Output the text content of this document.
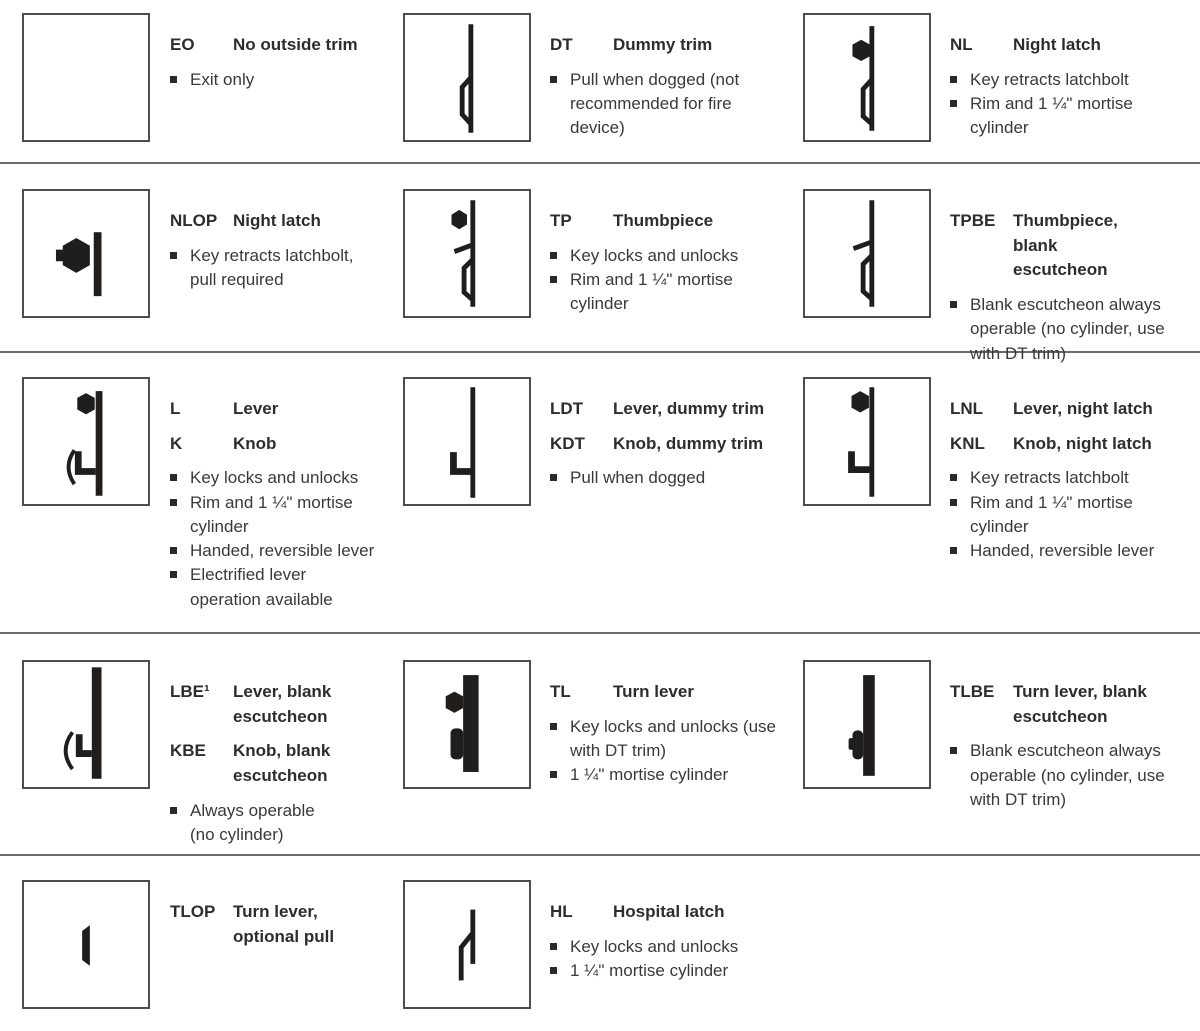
EO	No outside trim
Exit only
DT	Dummy trim
Pull when dogged (not recommended for fire device)
NL	Night latch
Key retracts latchbolt
Rim and 1 ¼" mortise cylinder
NLOP Night latch
Key retracts latchbolt, pull required
TP	Thumbpiece
Key locks and unlocks
Rim and 1 ¼" mortise cylinder
TPBE	Thumbpiece, blank escutcheon
Blank escutcheon always operable (no cylinder, use with DT trim)
L	Lever
K	Knob
Key locks and unlocks
Rim and 1 ¼" mortise cylinder
Handed, reversible lever
Electrified lever operation available
LDT	Lever, dummy trim
KDT	Knob, dummy trim
Pull when dogged
LNL	Lever, night latch
KNL	Knob, night latch
Key retracts latchbolt
Rim and 1 ¼" mortise cylinder
Handed, reversible lever
LBE¹	Lever, blank escutcheon
KBE	Knob, blank escutcheon
Always operable (no cylinder)
TL	Turn lever
Key locks and unlocks (use with DT trim)
1 ¼" mortise cylinder
TLBE	Turn lever, blank escutcheon
Blank escutcheon always operable (no cylinder, use with DT trim)
TLOP	Turn lever, optional pull
HL	Hospital latch
Key locks and unlocks
1 ¼" mortise cylinder
